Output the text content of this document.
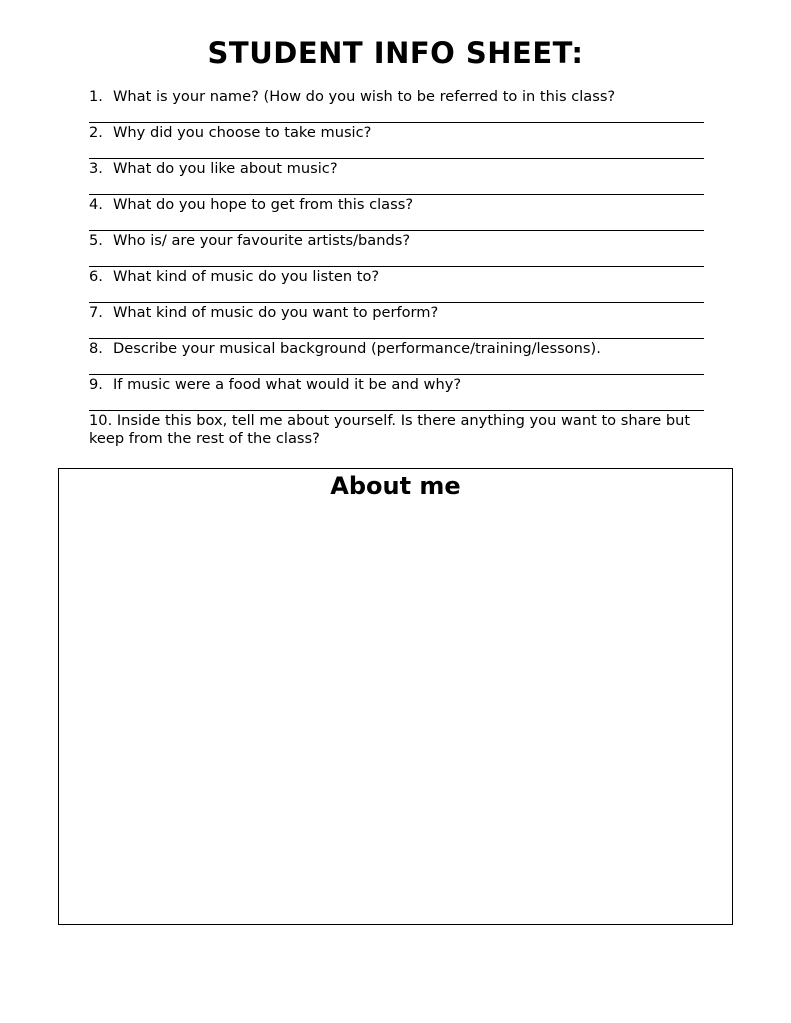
STUDENT INFO SHEET:
1. What is your name? (How do you wish to be referred to in this class?
2. Why did you choose to take music?
3. What do you like about music?
4. What do you hope to get from this class?
5. Who is/ are your favourite artists/bands?
6. What kind of music do you listen to?
7. What kind of music do you want to perform?
8. Describe your musical background (performance/training/lessons).
9. If music were a food what would it be and why?
10. Inside this box, tell me about yourself. Is there anything you want to share but keep from the rest of the class?
About me
